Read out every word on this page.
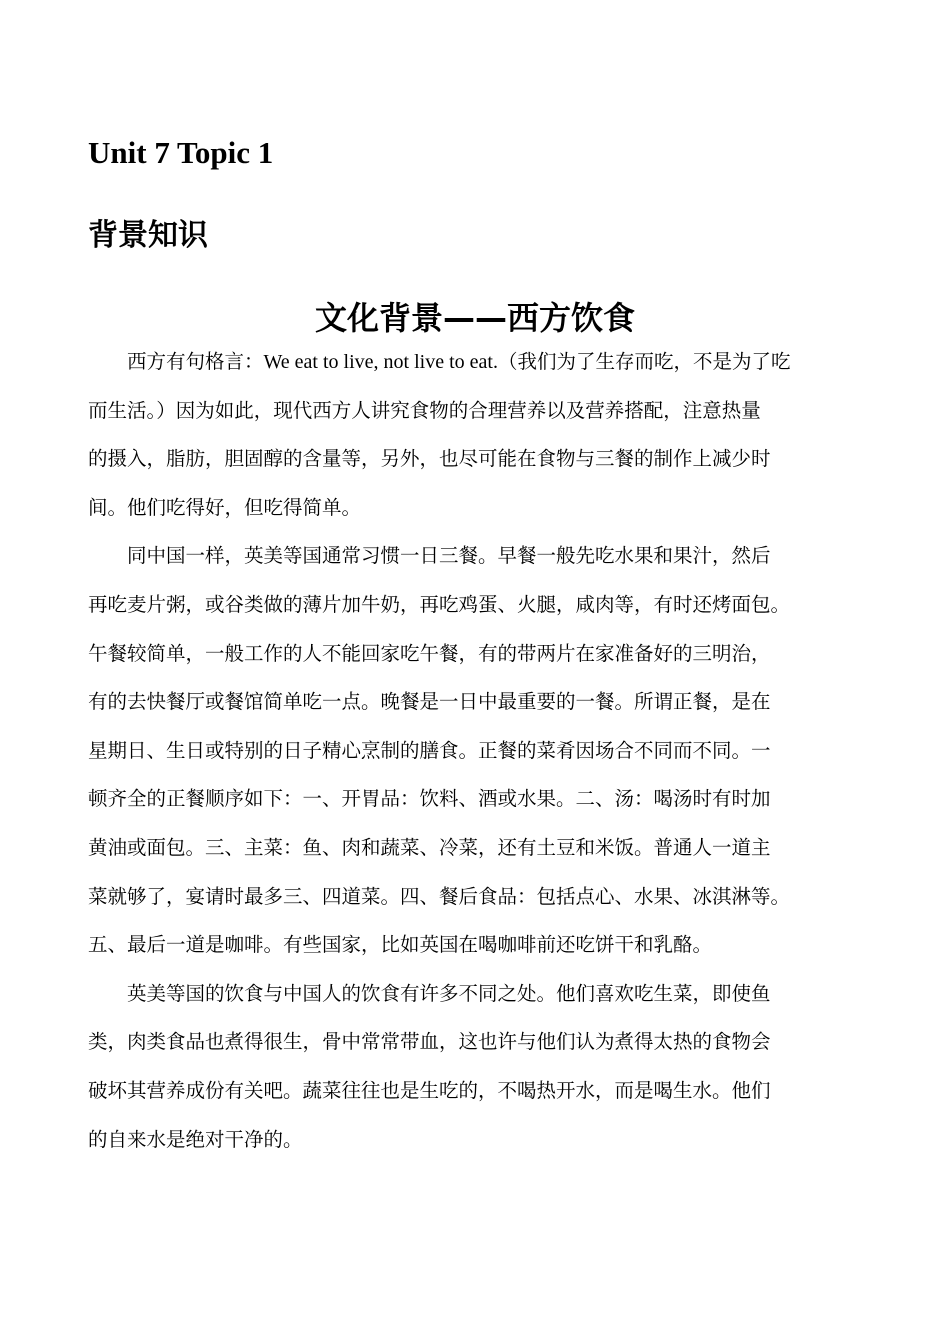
Unit 7 Topic 1
背景知识
文化背景——西方饮食

西方有句格言：We eat to live, not live to eat.（我们为了生存而吃，不是为了吃
而生活。）因为如此，现代西方人讲究食物的合理营养以及营养搭配，注意热量
的摄入，脂肪，胆固醇的含量等，另外，也尽可能在食物与三餐的制作上减少时
间。他们吃得好，但吃得简单。

同中国一样，英美等国通常习惯一日三餐。早餐一般先吃水果和果汁，然后
再吃麦片粥，或谷类做的薄片加牛奶，再吃鸡蛋、火腿，咸肉等，有时还烤面包。
午餐较简单，一般工作的人不能回家吃午餐，有的带两片在家准备好的三明治，
有的去快餐厅或餐馆简单吃一点。晚餐是一日中最重要的一餐。所谓正餐，是在
星期日、生日或特别的日子精心烹制的膳食。正餐的菜肴因场合不同而不同。一
顿齐全的正餐顺序如下：一、开胃品：饮料、酒或水果。二、汤：喝汤时有时加
黄油或面包。三、主菜：鱼、肉和蔬菜、冷菜，还有土豆和米饭。普通人一道主
菜就够了，宴请时最多三、四道菜。四、餐后食品：包括点心、水果、冰淇淋等。
五、最后一道是咖啡。有些国家，比如英国在喝咖啡前还吃饼干和乳酪。

英美等国的饮食与中国人的饮食有许多不同之处。他们喜欢吃生菜，即使鱼
类，肉类食品也煮得很生，骨中常常带血，这也许与他们认为煮得太热的食物会
破坏其营养成份有关吧。蔬菜往往也是生吃的，不喝热开水，而是喝生水。他们
的自来水是绝对干净的。
